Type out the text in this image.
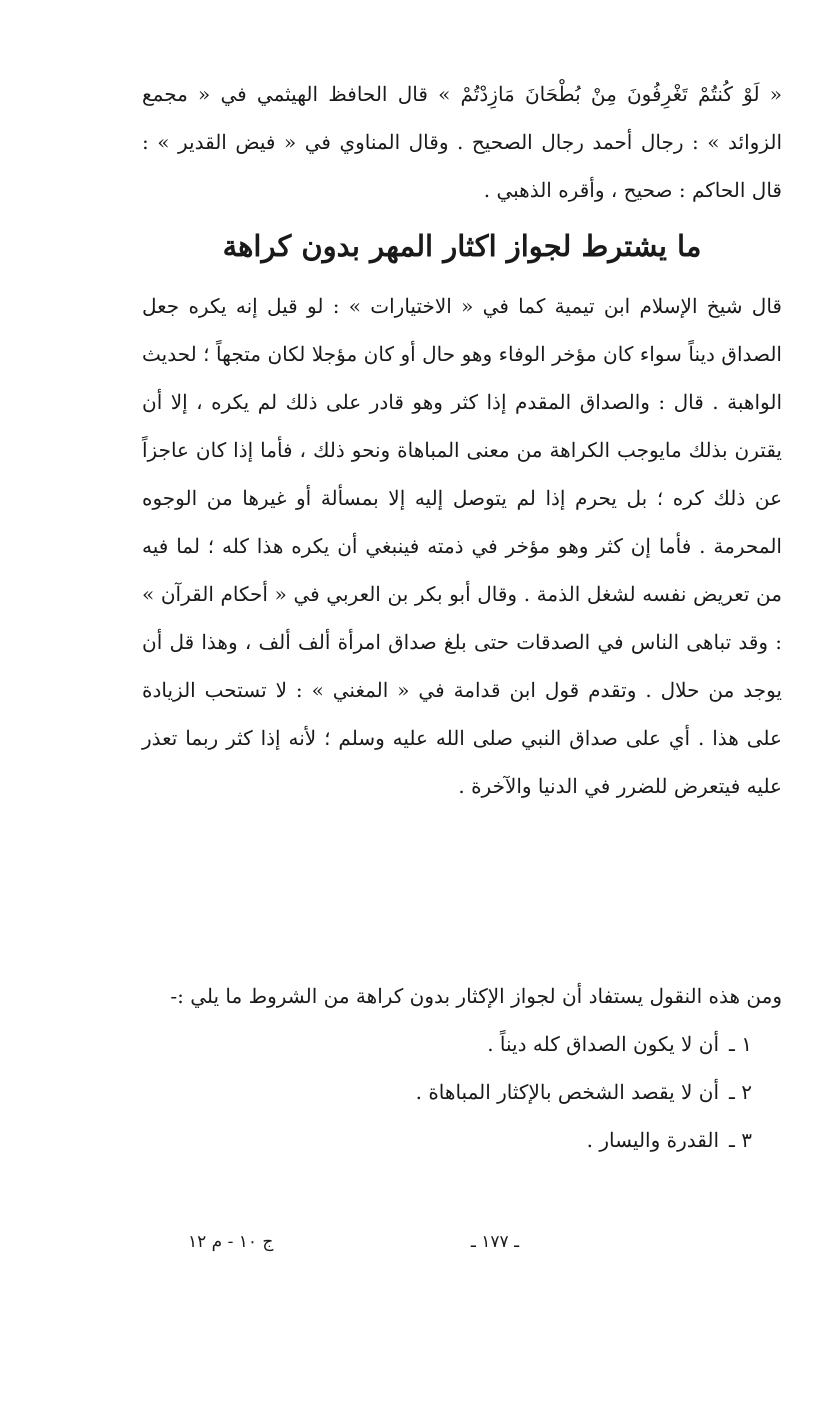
« لَوْ كُنتُمْ تَغْرِفُونَ مِنْ بُطْحَانَ مَازِدْتُمْ » قال الحافظ الهيثمي في « مجمع الزوائد » : رجال أحمد رجال الصحيح . وقال المناوي في « فيض القدير » : قال الحاكم : صحيح ، وأقره الذهبي .

ما يشترط لجواز اكثار المهر بدون كراهة

قال شيخ الإسلام ابن تيمية كما في « الاختيارات » : لو قيل إنه يكره جعل الصداق ديناً سواء كان مؤخر الوفاء وهو حال أو كان مؤجلا لكان متجهاً ؛ لحديث الواهبة . قال : والصداق المقدم إذا كثر وهو قادر على ذلك لم يكره ، إلا أن يقترن بذلك مايوجب الكراهة من معنى المباهاة ونحو ذلك ، فأما إذا كان عاجزاً عن ذلك كره ؛ بل يحرم إذا لم يتوصل إليه إلا بمسألة أو غيرها من الوجوه المحرمة . فأما إن كثر وهو مؤخر في ذمته فينبغي أن يكره هذا كله ؛ لما فيه من تعريض نفسه لشغل الذمة . وقال أبو بكر بن العربي في « أحكام القرآن » : وقد تباهى الناس في الصدقات حتى بلغ صداق امرأة ألف ألف ، وهذا قل أن يوجد من حلال . وتقدم قول ابن قدامة في « المغني » : لا تستحب الزيادة على هذا . أي على صداق النبي صلى الله عليه وسلم ؛ لأنه إذا كثر ربما تعذر عليه فيتعرض للضرر في الدنيا والآخرة .

ومن هذه النقول يستفاد أن لجواز الإكثار بدون كراهة من الشروط ما يلي :-

١ ـأن لا يكون الصداق كله ديناً .
٢ ـأن لا يقصد الشخص بالإكثار المباهاة .
٣ ـالقدرة واليسار .
ـ ١٧٧ ـ
ج ١٠ - م ١٢
